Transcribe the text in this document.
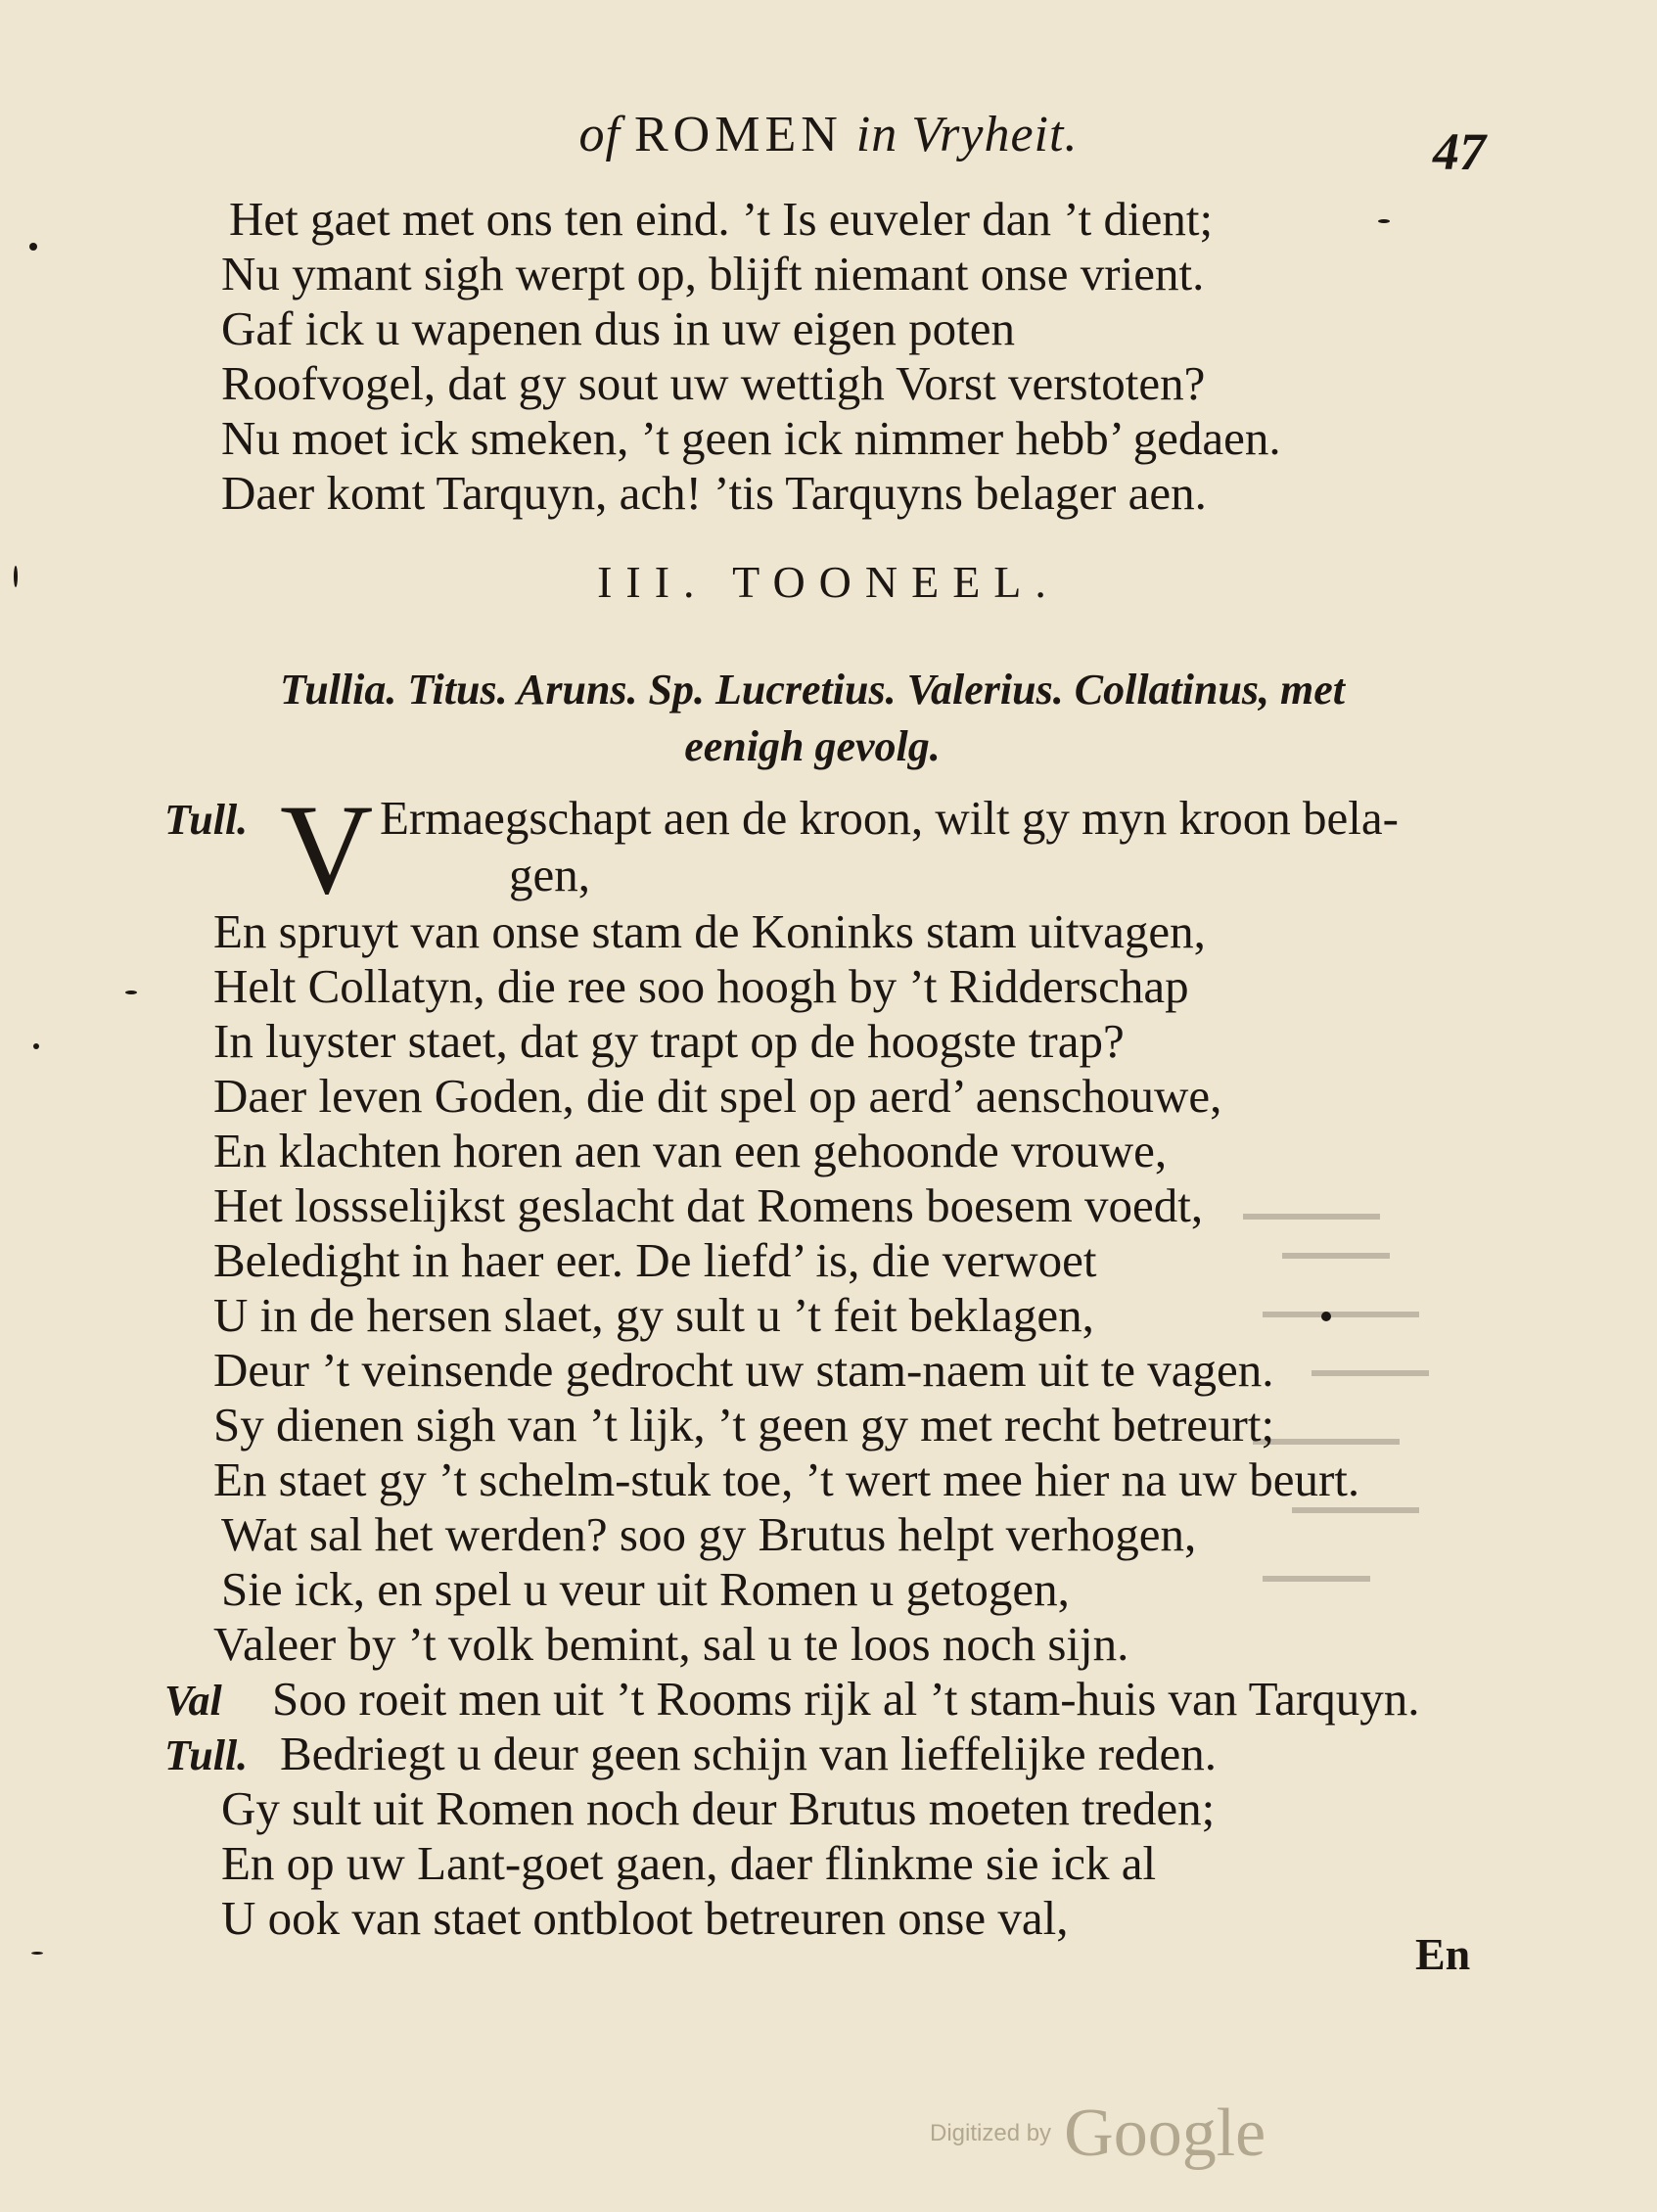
of ROMEN in Vryheit.	47
Het gaet met ons ten eind. ’t Is euveler dan ’t dient;
Nu ymant sigh werpt op, blijft niemant onse vrient.
Gaf ick u wapenen dus in uw eigen poten
Roofvogel, dat gy sout uw wettigh Vorst verstoten?
Nu moet ick smeken, ’t geen ick nimmer hebb’ gedaen.
Daer komt Tarquyn, ach! ’tis Tarquyns belager aen.
III. TOONEEL.
Tullia. Titus. Aruns. Sp. Lucretius. Valerius. Collatinus, met
eenigh gevolg.
Tull. V Ermaegschapt aen de kroon, wilt gy myn kroon bela-
gen,
En spruyt van onse stam de Koninks stam uitvagen,
Helt Collatyn, die ree soo hoogh by ’t Ridderschap
In luyster staet, dat gy trapt op de hoogste trap?
Daer leven Goden, die dit spel op aerd’ aenschouwe,
En klachten horen aen van een gehoonde vrouwe,
Het lossselijkst geslacht dat Romens boesem voedt,
Beledight in haer eer. De liefd’ is, die verwoet
U in de hersen slaet, gy sult u ’t feit beklagen,
Deur ’t veinsende gedrocht uw stam-naem uit te vagen.
Sy dienen sigh van ’t lijk, ’t geen gy met recht betreurt;
En staet gy ’t schelm-stuk toe, ’t wert mee hier na uw beurt.
Wat sal het werden? soo gy Brutus helpt verhogen,
Sie ick, en spel u veur uit Romen u getogen,
Valeer by ’t volk bemint, sal u te loos noch sijn.
Val Soo roeit men uit ’t Rooms rijk al ’t stam-huis van Tarquyn.
Tull. Bedriegt u deur geen schijn van lieffelijke reden.
Gy sult uit Romen noch deur Brutus moeten treden;
En op uw Lant-goet gaen, daer flinkme sie ick al
U ook van staet ontbloot betreuren onse val,
En
Digitized by Google
